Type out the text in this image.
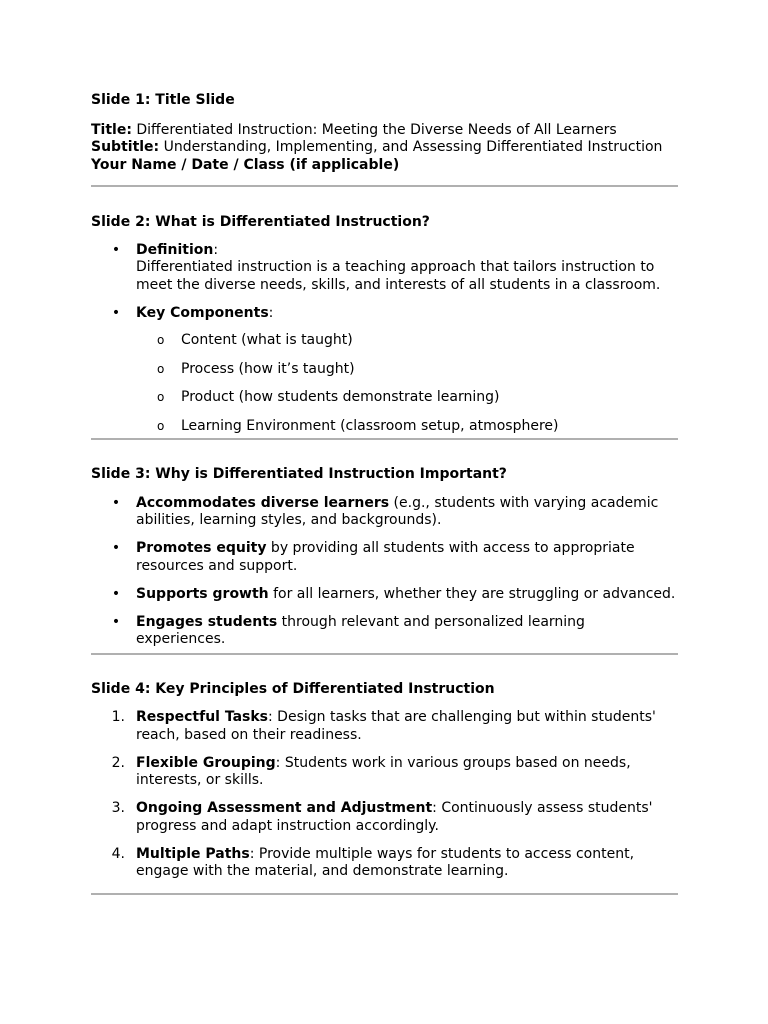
Slide 1: Title Slide

Title: Differentiated Instruction: Meeting the Diverse Needs of All Learners
Subtitle: Understanding, Implementing, and Assessing Differentiated Instruction
Your Name / Date / Class (if applicable)

Slide 2: What is Differentiated Instruction?

• Definition:
Differentiated instruction is a teaching approach that tailors instruction to meet the diverse needs, skills, and interests of all students in a classroom.
• Key Components:
o Content (what is taught)
o Process (how it’s taught)
o Product (how students demonstrate learning)
o Learning Environment (classroom setup, atmosphere)

Slide 3: Why is Differentiated Instruction Important?

• Accommodates diverse learners (e.g., students with varying academic abilities, learning styles, and backgrounds).
• Promotes equity by providing all students with access to appropriate resources and support.
• Supports growth for all learners, whether they are struggling or advanced.
• Engages students through relevant and personalized learning experiences.

Slide 4: Key Principles of Differentiated Instruction

1. Respectful Tasks: Design tasks that are challenging but within students' reach, based on their readiness.
2. Flexible Grouping: Students work in various groups based on needs, interests, or skills.
3. Ongoing Assessment and Adjustment: Continuously assess students' progress and adapt instruction accordingly.
4. Multiple Paths: Provide multiple ways for students to access content, engage with the material, and demonstrate learning.
